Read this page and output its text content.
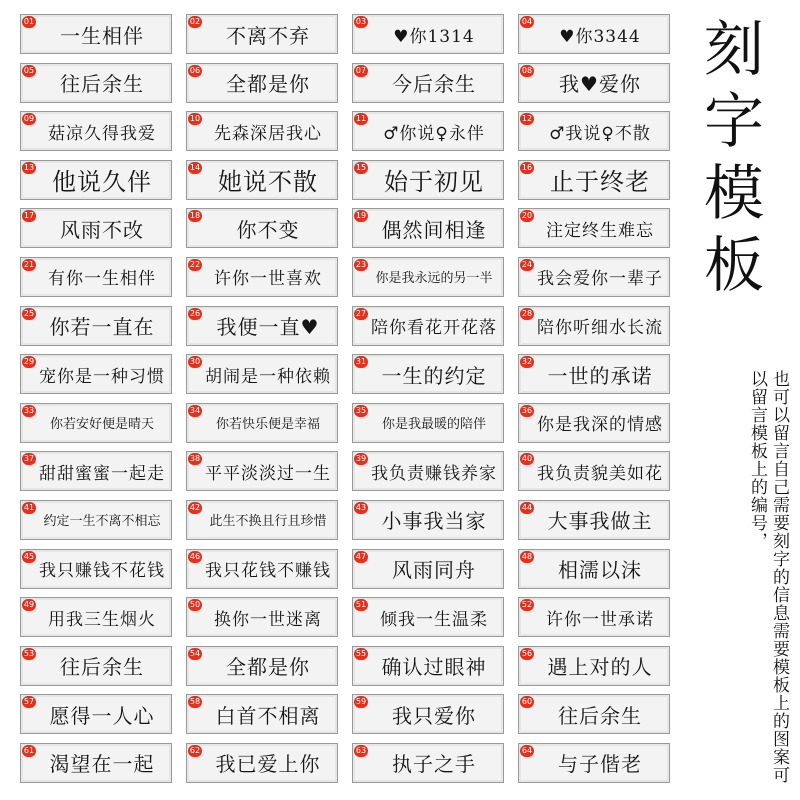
01
一生相伴
02
不离不弃
03
♥你1314
04
♥你3344
05
往后余生
06
全都是你
07
今后余生
08
我♥爱你
09
菇凉久得我爱
10
先森深居我心
11
♂你说♀永伴
12
♂我说♀不散
13
他说久伴
14
她说不散
15
始于初见
16
止于终老
17
风雨不改
18
你不变
19
偶然间相逢
20
注定终生难忘
21
有你一生相伴
22
许你一世喜欢
23
你是我永远的另一半
24
我会爱你一辈子
25
你若一直在
26
我便一直♥
27
陪你看花开花落
28
陪你听细水长流
29
宠你是一种习惯
30
胡闹是一种依赖
31
一生的约定
32
一世的承诺
33
你若安好便是晴天
34
你若快乐便是幸福
35
你是我最暖的陪伴
36
你是我深的情感
37
甜甜蜜蜜一起走
38
平平淡淡过一生
39
我负责赚钱养家
40
我负责貌美如花
41
约定一生不离不相忘
42
此生不换且行且珍惜
43
小事我当家
44
大事我做主
45
我只赚钱不花钱
46
我只花钱不赚钱
47
风雨同舟
48
相濡以沫
49
用我三生烟火
50
换你一世迷离
51
倾我一生温柔
52
许你一世承诺
53
往后余生
54
全都是你
55
确认过眼神
56
遇上对的人
57
愿得一人心
58
白首不相离
59
我只爱你
60
往后余生
61
渴望在一起
62
我已爱上你
63
执子之手
64
与子偕老
刻
字
模
板
也可以留言自己需要刻字的信息需要模板上的图案可以留言模板上的编号，
